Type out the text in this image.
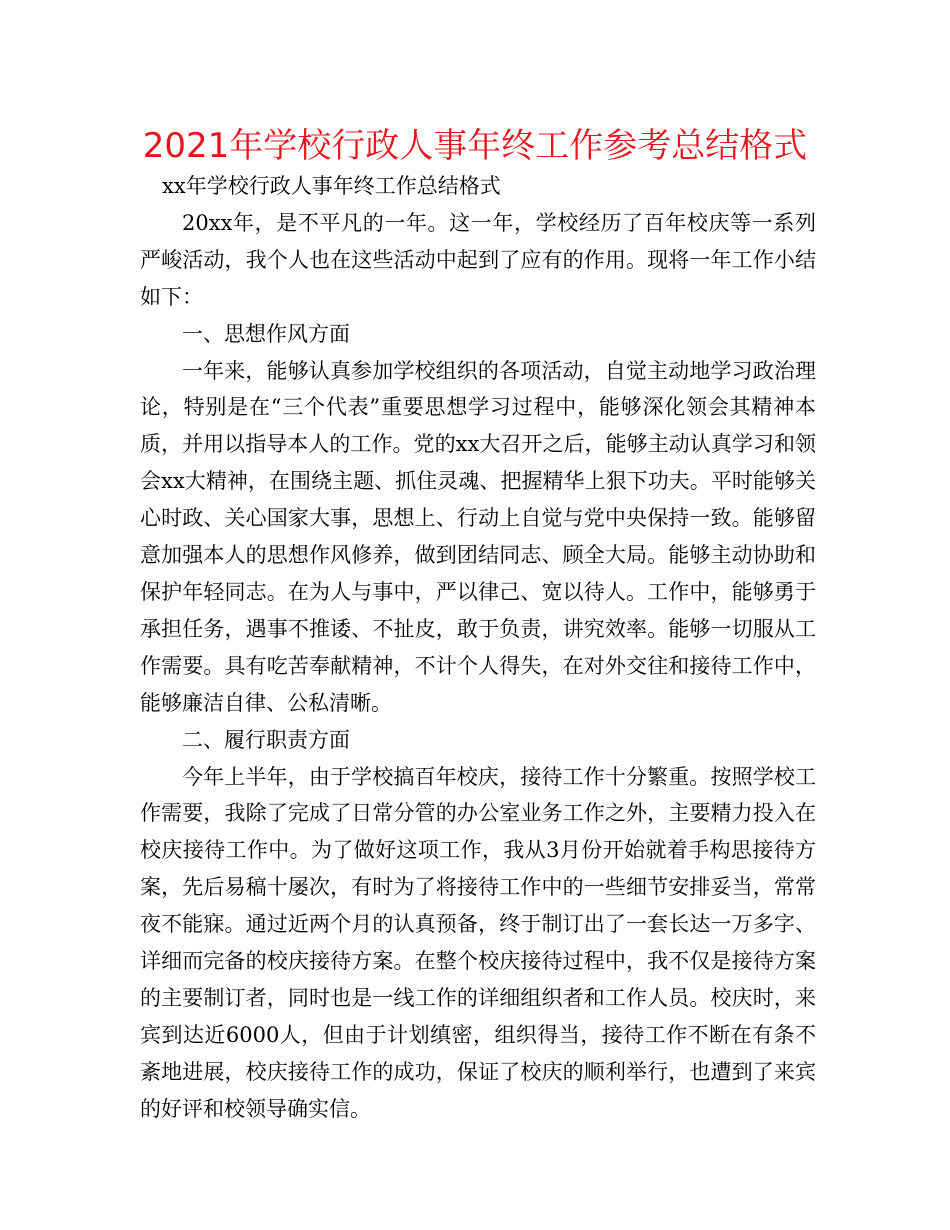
2021年学校行政人事年终工作参考总结格式

xx年学校行政人事年终工作总结格式

20xx年，是不平凡的一年。这一年，学校经历了百年校庆等一系列严峻活动，我个人也在这些活动中起到了应有的作用。现将一年工作小结如下：

一、思想作风方面

一年来，能够认真参加学校组织的各项活动，自觉主动地学习政治理论，特别是在“三个代表”重要思想学习过程中，能够深化领会其精神本质，并用以指导本人的工作。党的xx大召开之后，能够主动认真学习和领会xx大精神，在围绕主题、抓住灵魂、把握精华上狠下功夫。平时能够关心时政、关心国家大事，思想上、行动上自觉与党中央保持一致。能够留意加强本人的思想作风修养，做到团结同志、顾全大局。能够主动协助和保护年轻同志。在为人与事中，严以律己、宽以待人。工作中，能够勇于承担任务，遇事不推诿、不扯皮，敢于负责，讲究效率。能够一切服从工作需要。具有吃苦奉献精神，不计个人得失，在对外交往和接待工作中，能够廉洁自律、公私清晰。

二、履行职责方面

今年上半年，由于学校搞百年校庆，接待工作十分繁重。按照学校工作需要，我除了完成了日常分管的办公室业务工作之外，主要精力投入在校庆接待工作中。为了做好这项工作，我从3月份开始就着手构思接待方案，先后易稿十屡次，有时为了将接待工作中的一些细节安排妥当，常常夜不能寐。通过近两个月的认真预备，终于制订出了一套长达一万多字、详细而完备的校庆接待方案。在整个校庆接待过程中，我不仅是接待方案的主要制订者，同时也是一线工作的详细组织者和工作人员。校庆时，来宾到达近6000人，但由于计划缜密，组织得当，接待工作不断在有条不紊地进展，校庆接待工作的成功，保证了校庆的顺利举行，也遭到了来宾的好评和校领导确实信。
